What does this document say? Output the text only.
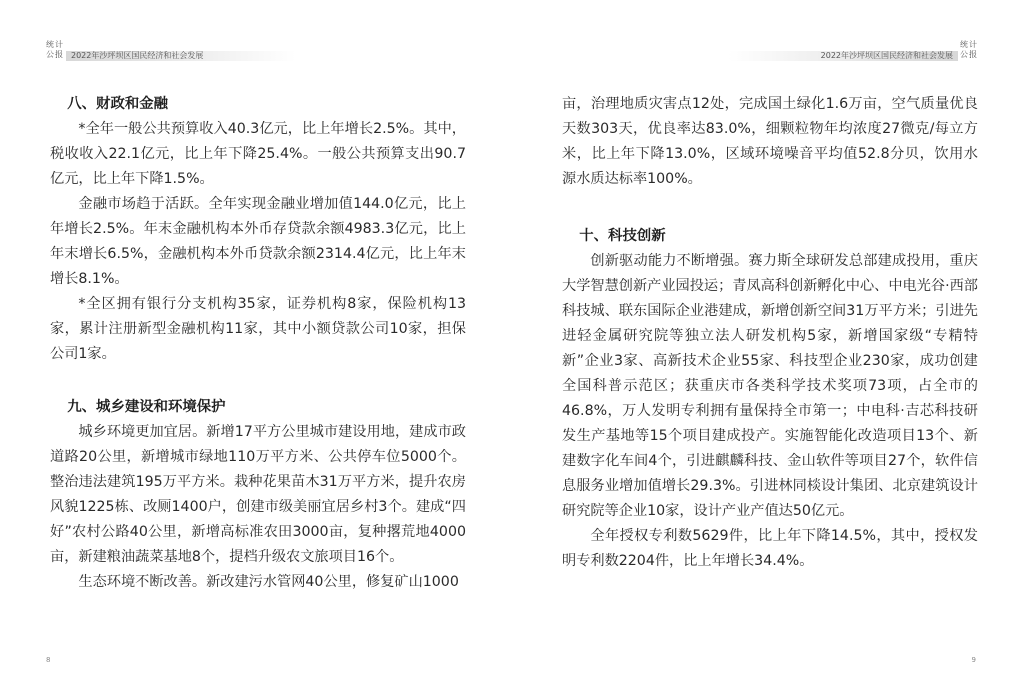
统计公报 2022年沙坪坝区国民经济和社会发展
八、财政和金融

*全年一般公共预算收入40.3亿元，比上年增长2.5%。其中，税收收入22.1亿元，比上年下降25.4%。一般公共预算支出90.7亿元，比上年下降1.5%。

金融市场趋于活跃。全年实现金融业增加值144.0亿元，比上年增长2.5%。年末金融机构本外币存贷款余额4983.3亿元，比上年末增长6.5%，金融机构本外币贷款余额2314.4亿元，比上年末增长8.1%。

*全区拥有银行分支机构35家，证券机构8家，保险机构13家，累计注册新型金融机构11家，其中小额贷款公司10家，担保公司1家。

九、城乡建设和环境保护

城乡环境更加宜居。新增17平方公里城市建设用地，建成市政道路20公里，新增城市绿地110万平方米、公共停车位5000个。整治违法建筑195万平方米。栽种花果苗木31万平方米，提升农房风貌1225栋、改厕1400户，创建市级美丽宜居乡村3个。建成“四好”农村公路40公里，新增高标准农田3000亩，复种撂荒地4000亩，新建粮油蔬菜基地8个，提档升级农文旅项目16个。

生态环境不断改善。新改建污水管网40公里，修复矿山1000

8
2022年沙坪坝区国民经济和社会发展
统计公报

亩，治理地质灾害点12处，完成国土绿化1.6万亩，空气质量优良天数303天，优良率达83.0%，细颗粒物年均浓度27微克/每立方米，比上年下降13.0%，区域环境噪音平均值52.8分贝，饮用水源水质达标率100%。

十、科技创新

创新驱动能力不断增强。赛力斯全球研发总部建成投用，重庆大学智慧创新产业园投运；青凤高科创新孵化中心、中电光谷·西部科技城、联东国际企业港建成，新增创新空间31万平方米；引进先进轻金属研究院等独立法人研发机构5家，新增国家级“专精特新”企业3家、高新技术企业55家、科技型企业230家，成功创建全国科普示范区；获重庆市各类科学技术奖项73项，占全市的46.8%，万人发明专利拥有量保持全市第一；中电科·吉芯科技研发生产基地等15个项目建成投产。实施智能化改造项目13个、新建数字化车间4个，引进麒麟科技、金山软件等项目27个，软件信息服务业增加值增长29.3%。引进林同棪设计集团、北京建筑设计研究院等企业10家，设计产业产值达50亿元。

全年授权专利数5629件，比上年下降14.5%，其中，授权发明专利数2204件，比上年增长34.4%。

9
